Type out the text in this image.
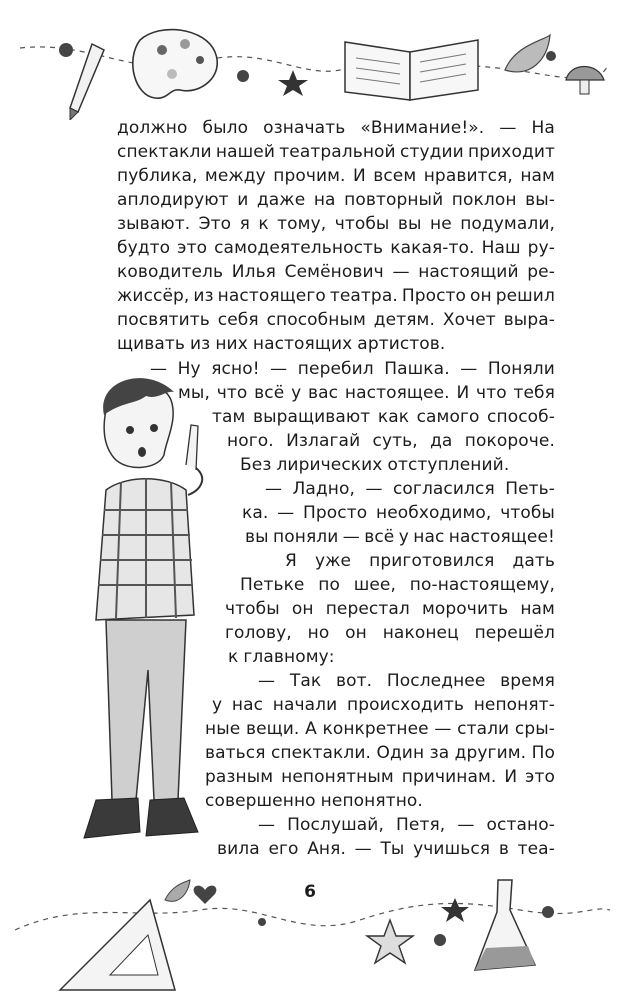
должно было означать «Внимание!». — На
спектакли нашей театральной студии приходит
публика, между прочим. И всем нравится, нам
аплодируют и даже на повторный поклон вы-
зывают. Это я к тому, чтобы вы не подумали,
будто это самодеятельность какая-то. Наш ру-
ководитель Илья Семёнович — настоящий ре-
жиссёр, из настоящего театра. Просто он решил
посвятить себя способным детям. Хочет выра-
щивать из них настоящих артистов.
— Ну ясно! — перебил Пашка. — Поняли
мы, что всё у вас настоящее. И что тебя
там выращивают как самого способ-
ного. Излагай суть, да покороче.
Без лирических отступлений.
— Ладно, — согласился Петь-
ка. — Просто необходимо, чтобы
вы поняли — всё у нас настоящее!
Я уже приготовился дать
Петьке по шее, по-настоящему,
чтобы он перестал морочить нам
голову, но он наконец перешёл
к главному:
— Так вот. Последнее время
у нас начали происходить непонят-
ные вещи. А конкретнее — стали сры-
ваться спектакли. Один за другим. По
разным непонятным причинам. И это
совершенно непонятно.
— Послушай, Петя, — остано-
вила его Аня. — Ты учишься в теа-
6
